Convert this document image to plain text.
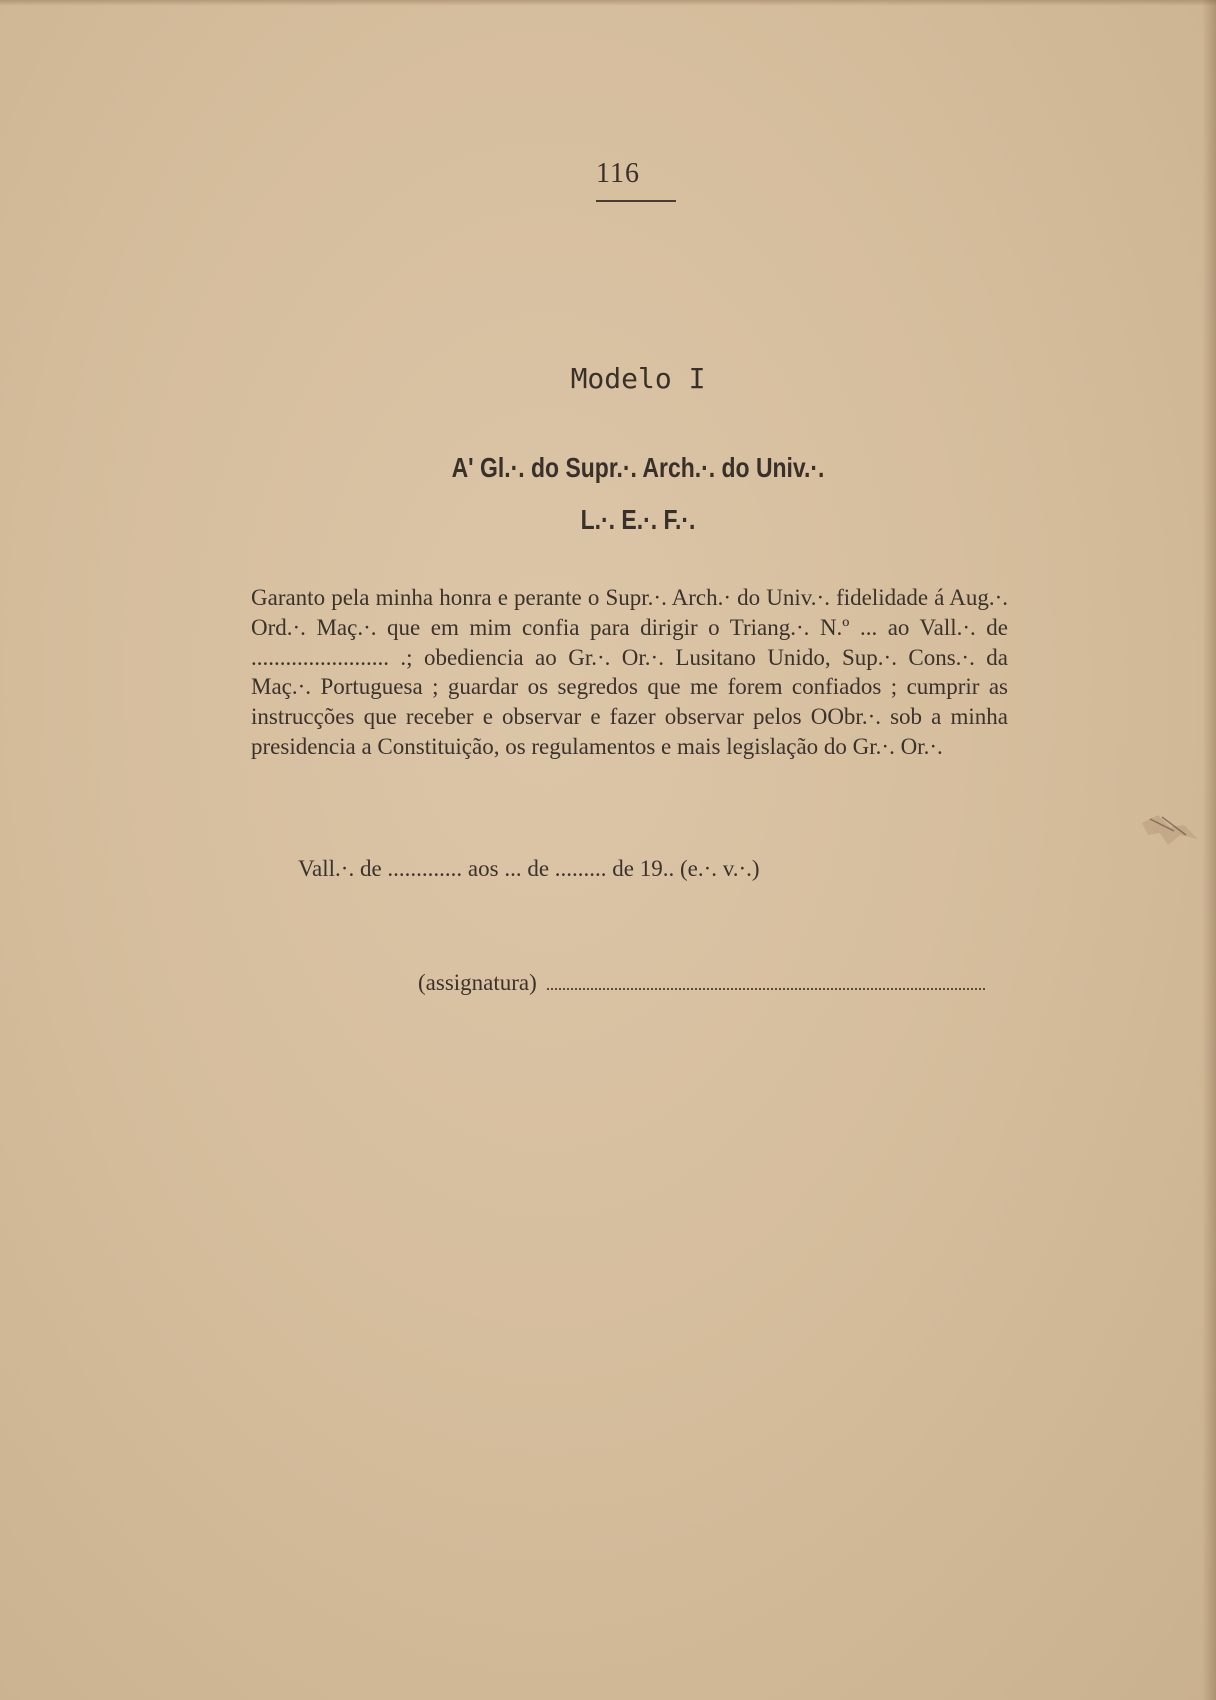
116
Modelo I
A' Gl.·. do Supr.·. Arch.·. do Univ.·.
L.·. E.·. F.·.
Garanto pela minha honra e perante o Supr.·. Arch.· do Univ.·. fidelidade á Aug.·. Ord.·. Maç.·. que em mim confia para dirigir o Triang.·. N.º ... ao Vall.·. de ........................ .; obediencia ao Gr.·. Or.·. Lusitano Unido, Sup.·. Cons.·. da Maç.·. Portuguesa ; guardar os segredos que me forem confiados ; cumprir as instrucções que receber e observar e fazer observar pelos OObr.·. sob a minha presidencia a Constituição, os regulamentos e mais legislação do Gr.·. Or.·.
Vall.·. de ............. aos ... de ......... de 19.. (e.·. v.·.)
(assignatura)
